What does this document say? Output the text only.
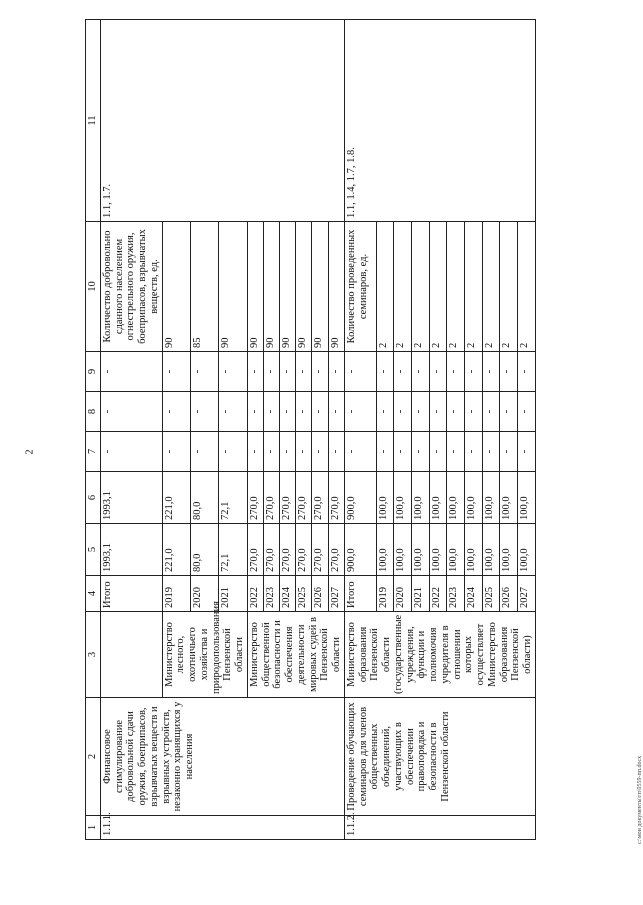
2
c:\мои документы\гп\0559-пп.docx
1	2	3	4	5	6	7	8	9	10	11
1.1.1.	Финансовое стимулирование добровольной сдачи оружия, боеприпасов, взрывчатых веществ и взрывных устройств, незаконно хранящихся у населения		Итого	1993,1	1993,1	-	-	-	Количество добровольно сданного населением огнестрельного оружия, боеприпасов, взрывчатых веществ, ед.	1.1, 1.7.
		Министерство лесного, охотничьего хозяйства и природопользования Пензенской области	2019	221,0	221,0	-	-	-	90	
			2020	80,0	80,0	-	-	-	85	
			2021	72,1	72,1	-	-	-	90	
		Министерство общественной безопасности и обеспечения деятельности мировых судей в Пензенской области	2022	270,0	270,0	-	-	-	90	
			2023	270,0	270,0	-	-	-	90	
			2024	270,0	270,0	-	-	-	90	
			2025	270,0	270,0	-	-	-	90	
			2026	270,0	270,0	-	-	-	90	
			2027	270,0	270,0	-	-	-	90	
1.1.2.	Проведение обучающих семинаров для членов общественных объединений, участвующих в обеспечении правопорядка и безопасности в Пензенской области	Министерство образования Пензенской области (государственные учреждения, функции и полномочия учредителя в отношении которых осуществляет Министерство образования Пензенской области)	Итого	900,0	900,0	-	-	-	Количество проведенных семинаров, ед.	1.1, 1.4, 1.7, 1.8.
			2019	100,0	100,0	-	-	-	2	
			2020	100,0	100,0	-	-	-	2	
			2021	100,0	100,0	-	-	-	2	
			2022	100,0	100,0	-	-	-	2	
			2023	100,0	100,0	-	-	-	2	
			2024	100,0	100,0	-	-	-	2	
			2025	100,0	100,0	-	-	-	2	
			2026	100,0	100,0	-	-	-	2	
			2027	100,0	100,0	-	-	-	2	
